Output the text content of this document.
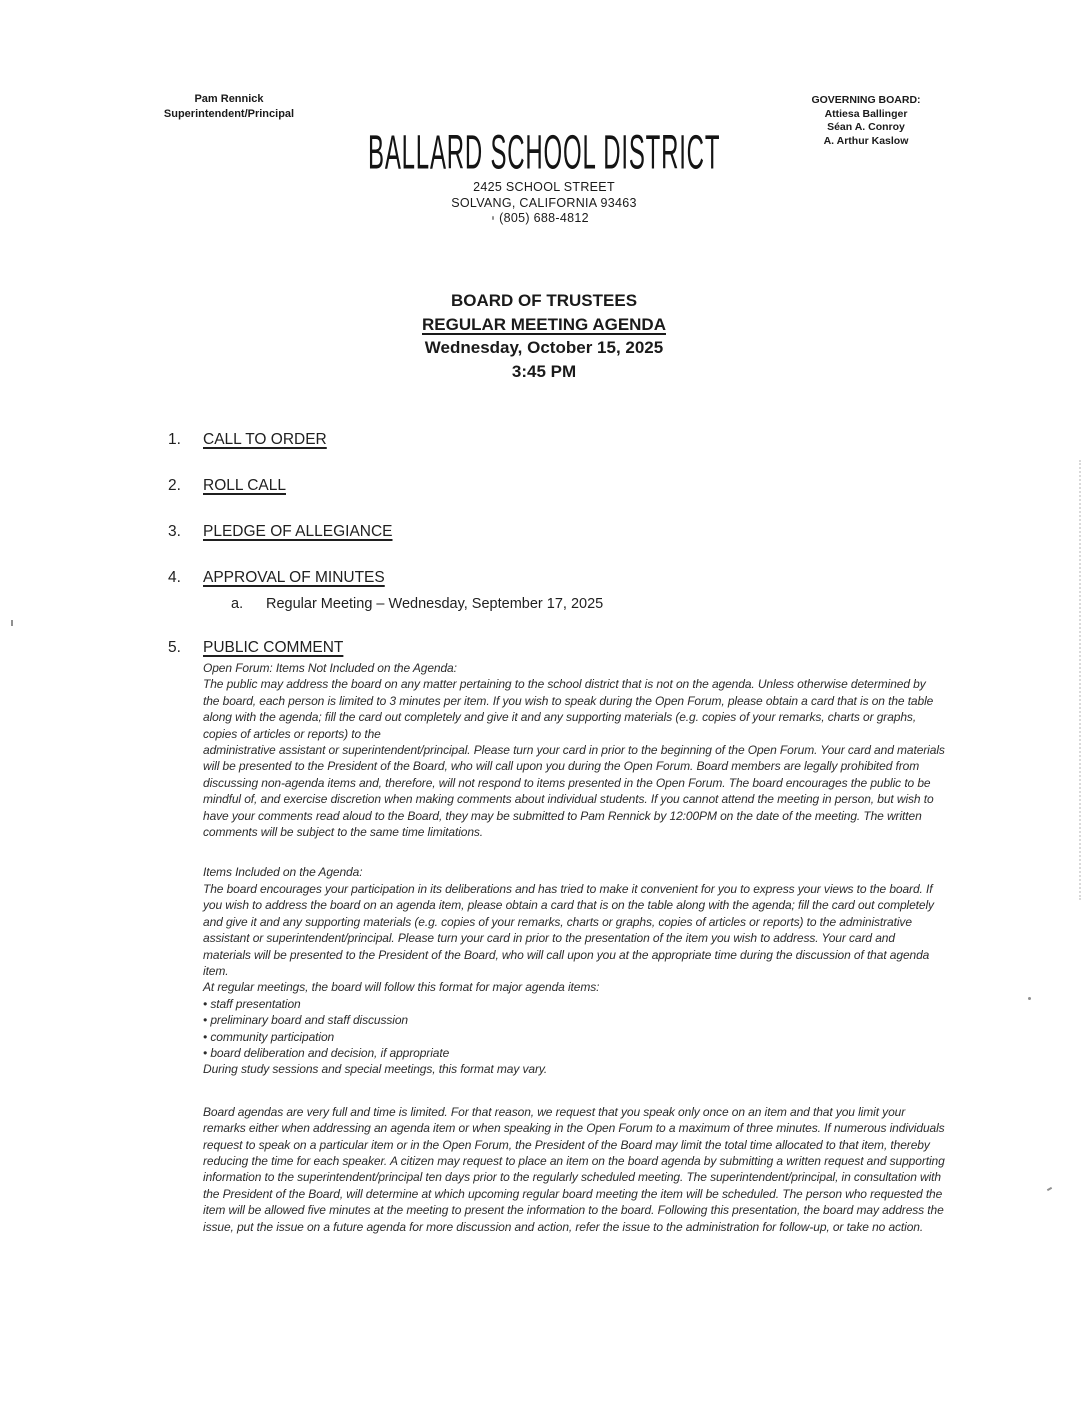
Pam Rennick
Superintendent/Principal
GOVERNING BOARD:
Attiesa Ballinger
Séan A. Conroy
A. Arthur Kaslow
BALLARD SCHOOL DISTRICT
2425 SCHOOL STREET
SOLVANG, CALIFORNIA 93463
(805) 688-4812
BOARD OF TRUSTEES
REGULAR MEETING AGENDA
Wednesday, October 15, 2025
3:45 PM
1.	CALL TO ORDER
2.	ROLL CALL
3.	PLEDGE OF ALLEGIANCE
4.	APPROVAL OF MINUTES
a.	Regular Meeting – Wednesday, September 17, 2025
5.	PUBLIC COMMENT

Open Forum: Items Not Included on the Agenda:

The public may address the board on any matter pertaining to the school district that is not on the agenda. Unless otherwise determined by the board, each person is limited to 3 minutes per item. If you wish to speak during the Open Forum, please obtain a card that is on the table along with the agenda; fill the card out completely and give it and any supporting materials (e.g. copies of your remarks, charts or graphs, copies of articles or reports) to the

administrative assistant or superintendent/principal. Please turn your card in prior to the beginning of the Open Forum. Your card and materials will be presented to the President of the Board, who will call upon you during the Open Forum. Board members are legally prohibited from discussing non-agenda items and, therefore, will not respond to items presented in the Open Forum. The board encourages the public to be mindful of, and exercise discretion when making comments about individual students. If you cannot attend the meeting in person, but wish to have your comments read aloud to the Board, they may be submitted to Pam Rennick by 12:00PM on the date of the meeting. The written comments will be subject to the same time limitations.

Items Included on the Agenda:

The board encourages your participation in its deliberations and has tried to make it convenient for you to express your views to the board. If you wish to address the board on an agenda item, please obtain a card that is on the table along with the agenda; fill the card out completely and give it and any supporting materials (e.g. copies of your remarks, charts or graphs, copies of articles or reports) to the administrative assistant or superintendent/principal. Please turn your card in prior to the presentation of the item you wish to address. Your card and materials will be presented to the President of the Board, who will call upon you at the appropriate time during the discussion of that agenda item.

At regular meetings, the board will follow this format for major agenda items:

• staff presentation
• preliminary board and staff discussion
• community participation
• board deliberation and decision, if appropriate

During study sessions and special meetings, this format may vary.

Board agendas are very full and time is limited. For that reason, we request that you speak only once on an item and that you limit your remarks either when addressing an agenda item or when speaking in the Open Forum to a maximum of three minutes. If numerous individuals request to speak on a particular item or in the Open Forum, the President of the Board may limit the total time allocated to that item, thereby reducing the time for each speaker. A citizen may request to place an item on the board agenda by submitting a written request and supporting information to the superintendent/principal ten days prior to the regularly scheduled meeting. The superintendent/principal, in consultation with the President of the Board, will determine at which upcoming regular board meeting the item will be scheduled. The person who requested the item will be allowed five minutes at the meeting to present the information to the board. Following this presentation, the board may address the issue, put the issue on a future agenda for more discussion and action, refer the issue to the administration for follow-up, or take no action.
